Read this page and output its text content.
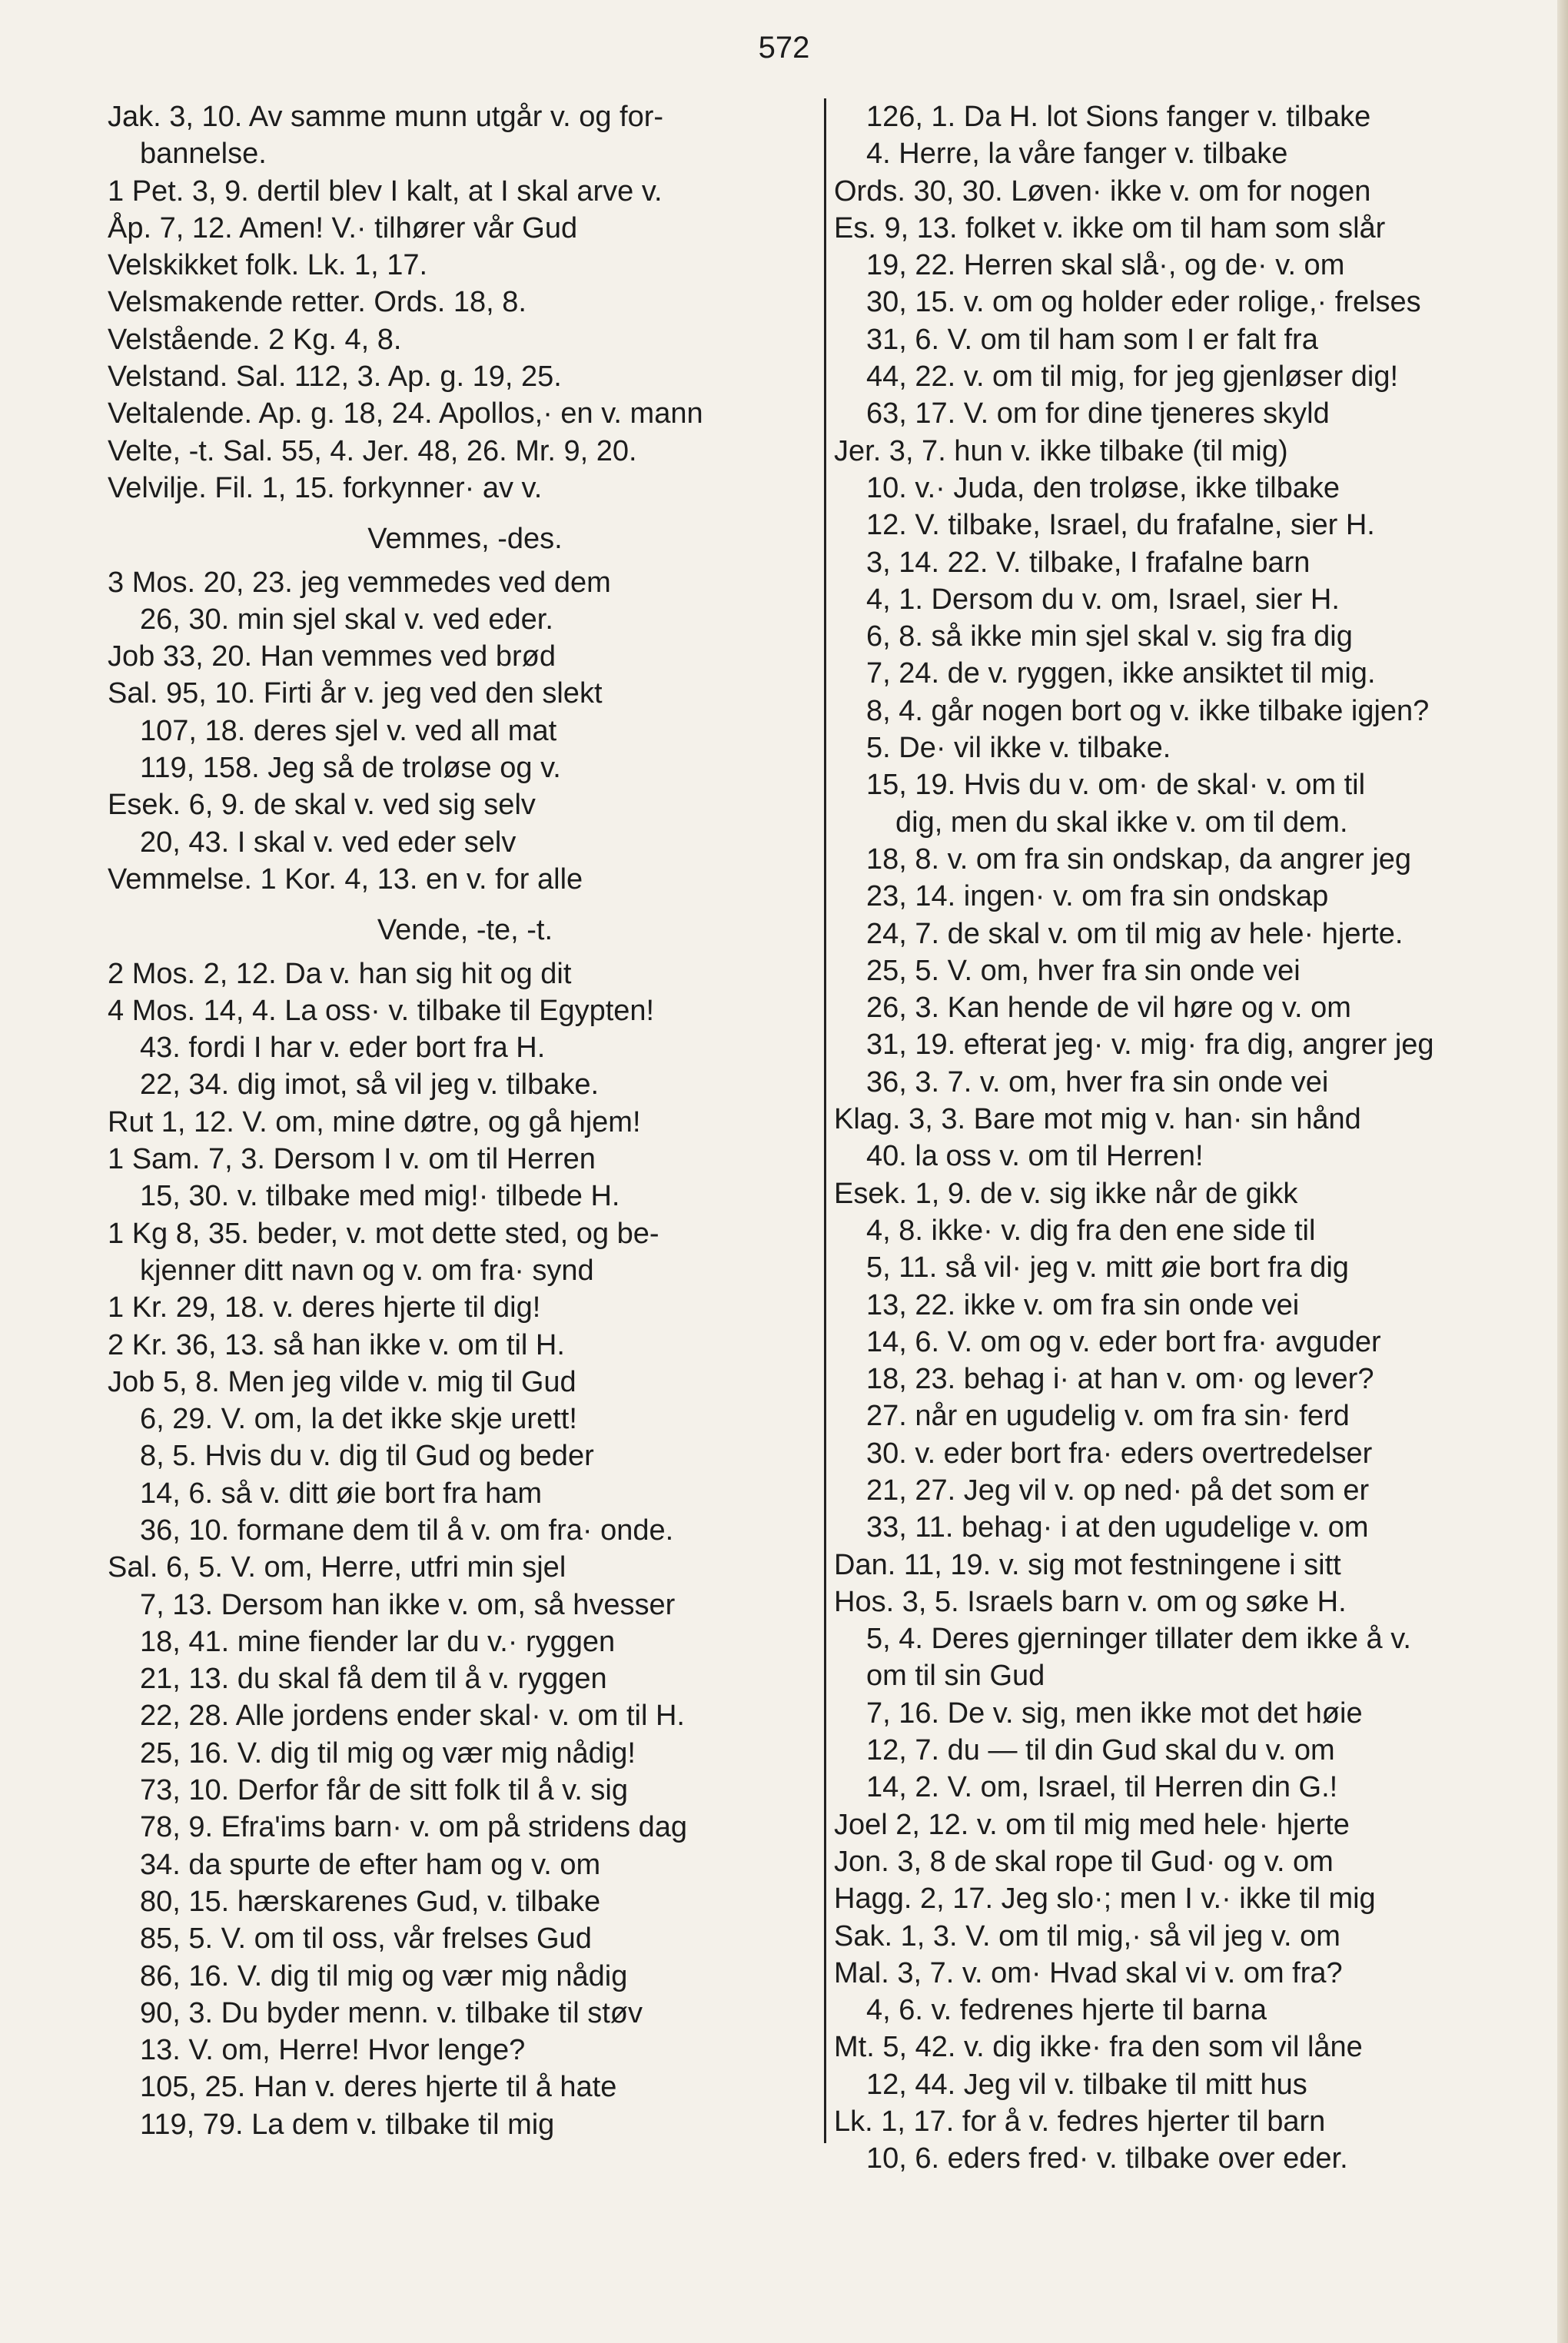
572
Jak. 3, 10. Av samme munn utgår v. og for-
bannelse.
1 Pet. 3, 9. dertil blev I kalt, at I skal arve v.
Åp. 7, 12. Amen! V.· tilhører vår Gud
Velskikket folk. Lk. 1, 17.
Velsmakende retter. Ords. 18, 8.
Velstående. 2 Kg. 4, 8.
Velstand. Sal. 112, 3. Ap. g. 19, 25.
Veltalende. Ap. g. 18, 24. Apollos,· en v. mann
Velte, -t. Sal. 55, 4. Jer. 48, 26. Mr. 9, 20.
Velvilje. Fil. 1, 15. forkynner· av v.
Vemmes, -des.
3 Mos. 20, 23. jeg vemmedes ved dem
26, 30. min sjel skal v. ved eder.
Job 33, 20. Han vemmes ved brød
Sal. 95, 10. Firti år v. jeg ved den slekt
107, 18. deres sjel v. ved all mat
119, 158. Jeg så de troløse og v.
Esek. 6, 9. de skal v. ved sig selv
20, 43. I skal v. ved eder selv
Vemmelse. 1 Kor. 4, 13. en v. for alle
Vende, -te, -t.
2 Mos. 2, 12. Da v. han sig hit og dit
4 Mos. 14, 4. La oss· v. tilbake til Egypten!
43. fordi I har v. eder bort fra H.
22, 34. dig imot, så vil jeg v. tilbake.
Rut 1, 12. V. om, mine døtre, og gå hjem!
1 Sam. 7, 3. Dersom I v. om til Herren
15, 30. v. tilbake med mig!· tilbede H.
1 Kg 8, 35. beder, v. mot dette sted, og be-
kjenner ditt navn og v. om fra· synd
1 Kr. 29, 18. v. deres hjerte til dig!
2 Kr. 36, 13. så han ikke v. om til H.
Job 5, 8. Men jeg vilde v. mig til Gud
6, 29. V. om, la det ikke skje urett!
8, 5. Hvis du v. dig til Gud og beder
14, 6. så v. ditt øie bort fra ham
36, 10. formane dem til å v. om fra· onde.
Sal. 6, 5. V. om, Herre, utfri min sjel
7, 13. Dersom han ikke v. om, så hvesser
18, 41. mine fiender lar du v.· ryggen
21, 13. du skal få dem til å v. ryggen
22, 28. Alle jordens ender skal· v. om til H.
25, 16. V. dig til mig og vær mig nådig!
73, 10. Derfor får de sitt folk til å v. sig
78, 9. Efra'ims barn· v. om på stridens dag
34. da spurte de efter ham og v. om
80, 15. hærskarenes Gud, v. tilbake
85, 5. V. om til oss, vår frelses Gud
86, 16. V. dig til mig og vær mig nådig
90, 3. Du byder menn. v. tilbake til støv
13. V. om, Herre! Hvor lenge?
105, 25. Han v. deres hjerte til å hate
119, 79. La dem v. tilbake til mig
126, 1. Da H. lot Sions fanger v. tilbake
4. Herre, la våre fanger v. tilbake
Ords. 30, 30. Løven· ikke v. om for nogen
Es. 9, 13. folket v. ikke om til ham som slår
19, 22. Herren skal slå·, og de· v. om
30, 15. v. om og holder eder rolige,· frelses
31, 6. V. om til ham som I er falt fra
44, 22. v. om til mig, for jeg gjenløser dig!
63, 17. V. om for dine tjeneres skyld
Jer. 3, 7. hun v. ikke tilbake (til mig)
10. v.· Juda, den troløse, ikke tilbake
12. V. tilbake, Israel, du frafalne, sier H.
3, 14. 22. V. tilbake, I frafalne barn
4, 1. Dersom du v. om, Israel, sier H.
6, 8. så ikke min sjel skal v. sig fra dig
7, 24. de v. ryggen, ikke ansiktet til mig.
8, 4. går nogen bort og v. ikke tilbake igjen?
5. De· vil ikke v. tilbake.
15, 19. Hvis du v. om· de skal· v. om til
dig, men du skal ikke v. om til dem.
18, 8. v. om fra sin ondskap, da angrer jeg
23, 14. ingen· v. om fra sin ondskap
24, 7. de skal v. om til mig av hele· hjerte.
25, 5. V. om, hver fra sin onde vei
26, 3. Kan hende de vil høre og v. om
31, 19. efterat jeg· v. mig· fra dig, angrer jeg
36, 3. 7. v. om, hver fra sin onde vei
Klag. 3, 3. Bare mot mig v. han· sin hånd
40. la oss v. om til Herren!
Esek. 1, 9. de v. sig ikke når de gikk
4, 8. ikke· v. dig fra den ene side til
5, 11. så vil· jeg v. mitt øie bort fra dig
13, 22. ikke v. om fra sin onde vei
14, 6. V. om og v. eder bort fra· avguder
18, 23. behag i· at han v. om· og lever?
27. når en ugudelig v. om fra sin· ferd
30. v. eder bort fra· eders overtredelser
21, 27. Jeg vil v. op ned· på det som er
33, 11. behag· i at den ugudelige v. om
Dan. 11, 19. v. sig mot festningene i sitt
Hos. 3, 5. Israels barn v. om og søke H.
5, 4. Deres gjerninger tillater dem ikke å v.
om til sin Gud
7, 16. De v. sig, men ikke mot det høie
12, 7. du — til din Gud skal du v. om
14, 2. V. om, Israel, til Herren din G.!
Joel 2, 12. v. om til mig med hele· hjerte
Jon. 3, 8 de skal rope til Gud· og v. om
Hagg. 2, 17. Jeg slo·; men I v.· ikke til mig
Sak. 1, 3. V. om til mig,· så vil jeg v. om
Mal. 3, 7. v. om· Hvad skal vi v. om fra?
4, 6. v. fedrenes hjerte til barna
Mt. 5, 42. v. dig ikke· fra den som vil låne
12, 44. Jeg vil v. tilbake til mitt hus
Lk. 1, 17. for å v. fedres hjerter til barn
10, 6. eders fred· v. tilbake over eder.
